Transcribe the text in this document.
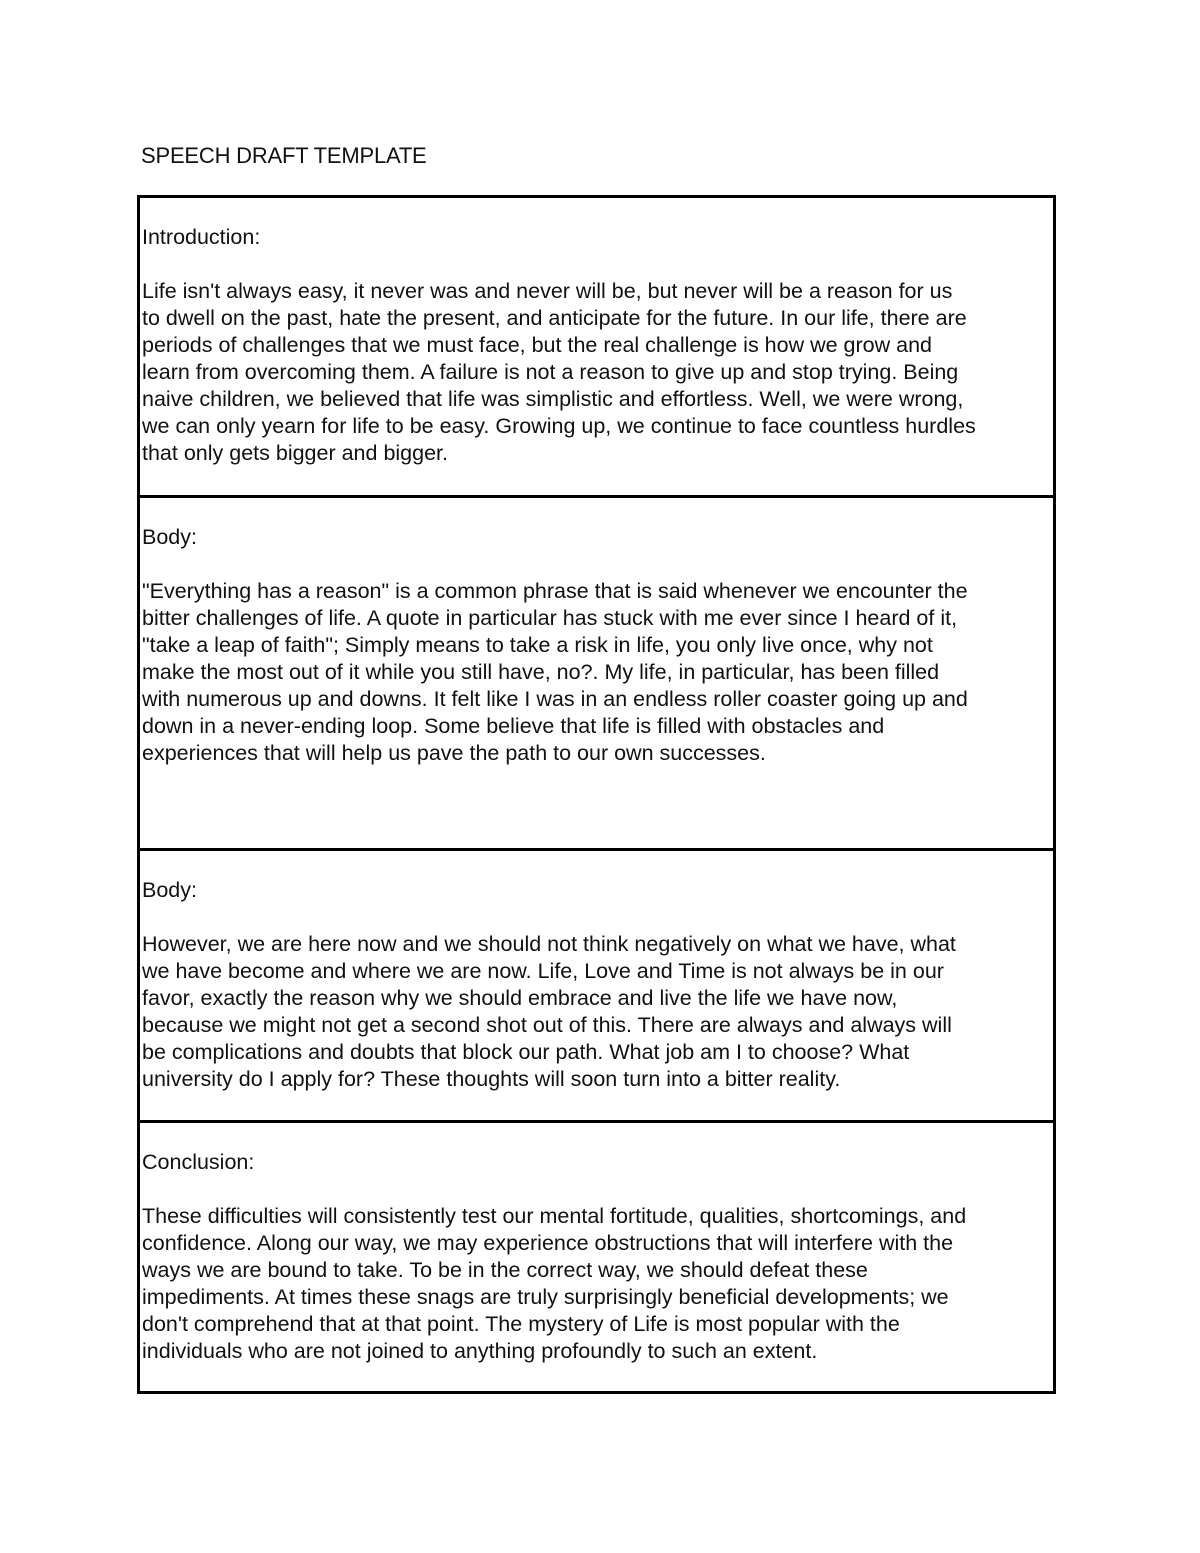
SPEECH DRAFT TEMPLATE
Introduction:

Life isn't always easy, it never was and never will be, but never will be a reason for us
to dwell on the past, hate the present, and anticipate for the future. In our life, there are
periods of challenges that we must face, but the real challenge is how we grow and
learn from overcoming them. A failure is not a reason to give up and stop trying. Being
naive children, we believed that life was simplistic and effortless. Well, we were wrong,
we can only yearn for life to be easy. Growing up, we continue to face countless hurdles
that only gets bigger and bigger.

Body:

"Everything has a reason" is a common phrase that is said whenever we encounter the
bitter challenges of life. A quote in particular has stuck with me ever since I heard of it,
"take a leap of faith"; Simply means to take a risk in life, you only live once, why not
make the most out of it while you still have, no?. My life, in particular, has been filled
with numerous up and downs. It felt like I was in an endless roller coaster going up and
down in a never-ending loop. Some believe that life is filled with obstacles and
experiences that will help us pave the path to our own successes.

Body:

However, we are here now and we should not think negatively on what we have, what
we have become and where we are now. Life, Love and Time is not always be in our
favor, exactly the reason why we should embrace and live the life we have now,
because we might not get a second shot out of this. There are always and always will
be complications and doubts that block our path. What job am I to choose? What
university do I apply for? These thoughts will soon turn into a bitter reality.

Conclusion:

These difficulties will consistently test our mental fortitude, qualities, shortcomings, and
confidence. Along our way, we may experience obstructions that will interfere with the
ways we are bound to take. To be in the correct way, we should defeat these
impediments. At times these snags are truly surprisingly beneficial developments; we
don't comprehend that at that point. The mystery of Life is most popular with the
individuals who are not joined to anything profoundly to such an extent.
